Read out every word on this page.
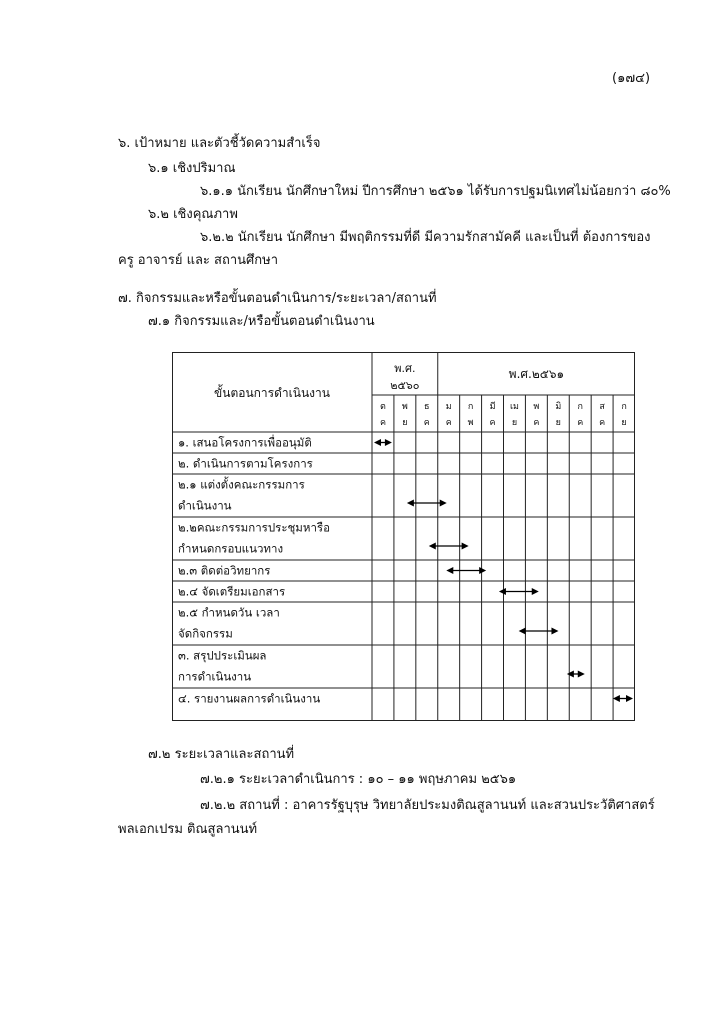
(๑๗๔)
๖. เป้าหมาย และตัวชี้วัดความสำเร็จ
๖.๑ เชิงปริมาณ
๖.๑.๑ นักเรียน นักศึกษาใหม่ ปีการศึกษา ๒๕๖๑ ได้รับการปฐมนิเทศไม่น้อยกว่า ๘๐%
๖.๒ เชิงคุณภาพ
๖.๒.๒ นักเรียน นักศึกษา มีพฤติกรรมที่ดี มีความรักสามัคคี และเป็นที่ ต้องการของ
ครู อาจารย์ และ สถานศึกษา
๗. กิจกรรมและหรือขั้นตอนดำเนินการ/ระยะเวลา/สถานที่
๗.๑ กิจกรรมและ/หรือขั้นตอนดำเนินงาน
ขั้นตอนการดำเนินงาน
พ.ศ.
๒๕๖๐
พ.ศ.๒๕๖๑
ต
ค
พ
ย
ธ
ค
ม
ค
ก
พ
มี
ค
เม
ย
พ
ค
มิ
ย
ก
ค
ส
ค
ก
ย
๑. เสนอโครงการเพื่ออนุมัติ
๒. ดำเนินการตามโครงการ
๒.๑ แต่งตั้งคณะกรรมการ
ดำเนินงาน
๒.๒คณะกรรมการประชุมหารือ
กำหนดกรอบแนวทาง
๒.๓ ติดต่อวิทยากร
๒.๔ จัดเตรียมเอกสาร
๒.๕ กำหนดวัน เวลา
จัดกิจกรรม
๓. สรุปประเมินผล
การดำเนินงาน
๔. รายงานผลการดำเนินงาน
๗.๒ ระยะเวลาและสถานที่
๗.๒.๑ ระยะเวลาดำเนินการ : ๑๐ – ๑๑ พฤษภาคม ๒๕๖๑
๗.๒.๒ สถานที่ : อาคารรัฐบุรุษ วิทยาลัยประมงติณสูลานนท์ และสวนประวัติศาสตร์
พลเอกเปรม ติณสูลานนท์
